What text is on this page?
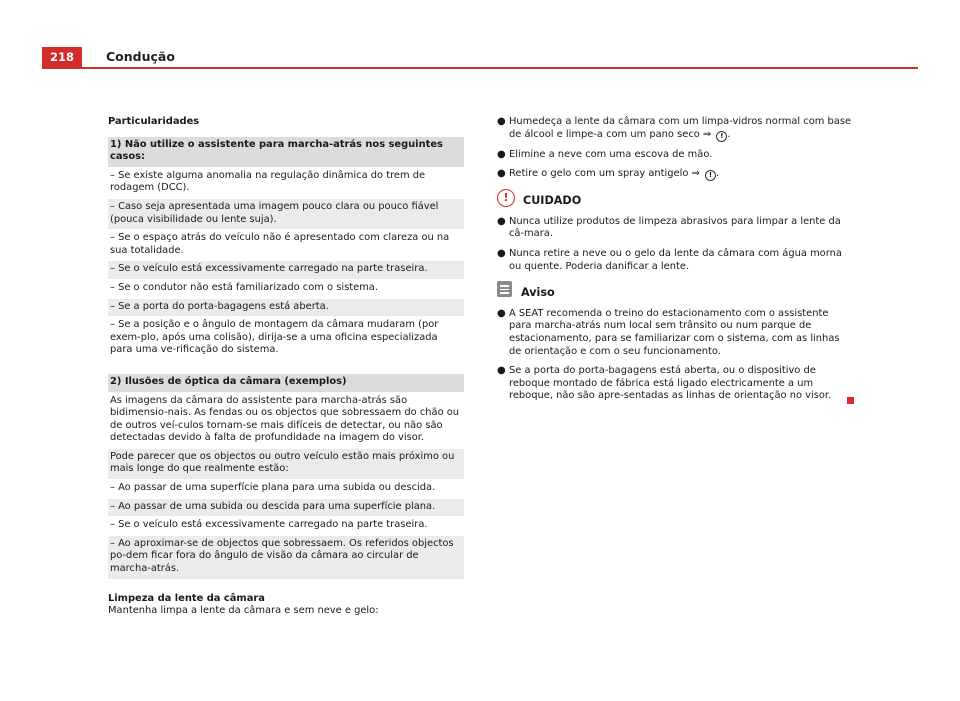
218	Condução
Particularidades
1) Não utilize o assistente para marcha-atrás nos seguintes casos:
– Se existe alguma anomalia na regulação dinâmica do trem de rodagem (DCC).
– Caso seja apresentada uma imagem pouco clara ou pouco fiável (pouca visibilidade ou lente suja).
– Se o espaço atrás do veículo não é apresentado com clareza ou na sua totalidade.
– Se o veículo está excessivamente carregado na parte traseira.
– Se o condutor não está familiarizado com o sistema.
– Se a porta do porta-bagagens está aberta.
– Se a posição e o ângulo de montagem da câmara mudaram (por exem-plo, após uma colisão), dirija-se a uma oficina especializada para uma ve-rificação do sistema.
2) Ilusões de óptica da câmara (exemplos)
As imagens da câmara do assistente para marcha-atrás são bidimensio-nais. As fendas ou os objectos que sobressaem do chão ou de outros veí-culos tornam-se mais difíceis de detectar, ou não são detectadas devido à falta de profundidade na imagem do visor.
Pode parecer que os objectos ou outro veículo estão mais próximo ou mais longe do que realmente estão:
– Ao passar de uma superfície plana para uma subida ou descida.
– Ao passar de uma subida ou descida para uma superfície plana.
– Se o veículo está excessivamente carregado na parte traseira.
– Ao aproximar-se de objectos que sobressaem. Os referidos objectos po-dem ficar fora do ângulo de visão da câmara ao circular de marcha-atrás.
Limpeza da lente da câmara
Mantenha limpa a lente da câmara e sem neve e gelo:
● Humedeça a lente da câmara com um limpa-vidros normal com base de álcool e limpe-a com um pano seco ⇒ ! .
● Elimine a neve com uma escova de mão.
● Retire o gelo com um spray antigelo ⇒ ! .
!	CUIDADO
● Nunca utilize produtos de limpeza abrasivos para limpar a lente da câ-mara.
● Nunca retire a neve ou o gelo da lente da câmara com água morna ou quente. Poderia danificar a lente.
Aviso
● A SEAT recomenda o treino do estacionamento com o assistente para marcha-atrás num local sem trânsito ou num parque de estacionamento, para se familiarizar com o sistema, com as linhas de orientação e com o seu funcionamento.
● Se a porta do porta-bagagens está aberta, ou o dispositivo de reboque montado de fábrica está ligado electricamente a um reboque, não são apre-sentadas as linhas de orientação no visor.
